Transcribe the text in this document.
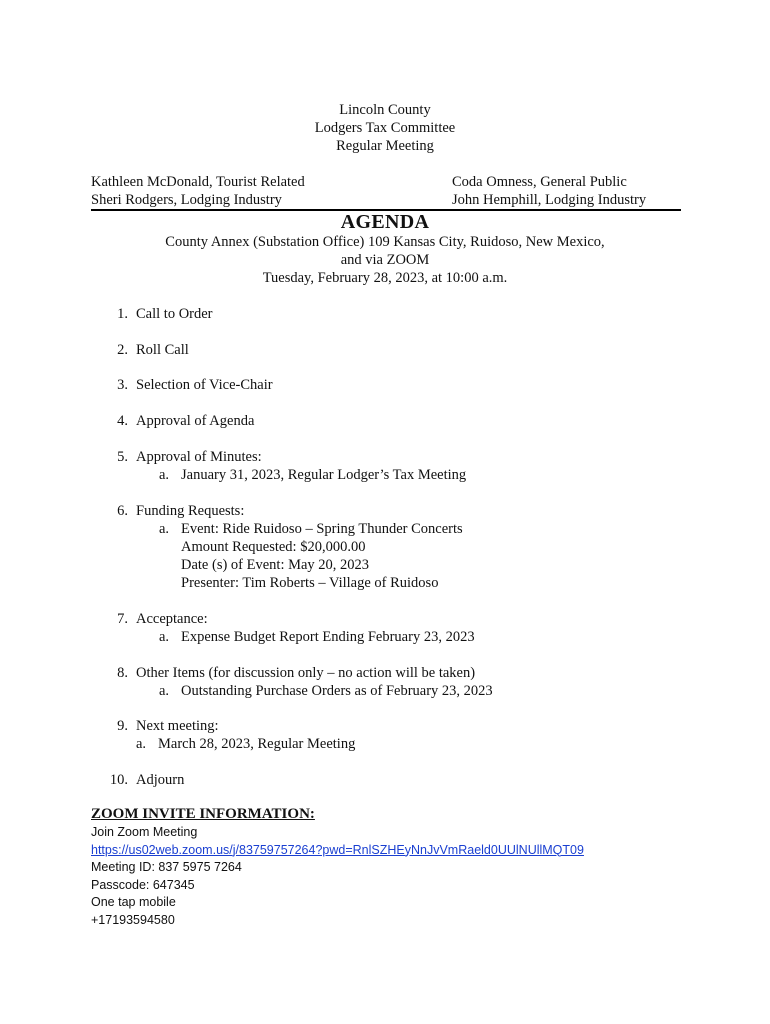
Lincoln County
Lodgers Tax Committee
Regular Meeting
Kathleen McDonald, Tourist Related
Sheri Rodgers, Lodging Industry
Coda Omness, General Public
John Hemphill, Lodging Industry
AGENDA
County Annex (Substation Office) 109 Kansas City, Ruidoso, New Mexico,
and via ZOOM
Tuesday, February 28, 2023, at 10:00 a.m.
1. Call to Order
2. Roll Call
3. Selection of Vice-Chair
4. Approval of Agenda
5. Approval of Minutes:
a. January 31, 2023, Regular Lodger’s Tax Meeting
6. Funding Requests:
a. Event: Ride Ruidoso – Spring Thunder Concerts
Amount Requested: $20,000.00
Date (s) of Event: May 20, 2023
Presenter: Tim Roberts – Village of Ruidoso
7. Acceptance:
a. Expense Budget Report Ending February 23, 2023
8. Other Items (for discussion only – no action will be taken)
a. Outstanding Purchase Orders as of February 23, 2023
9. Next meeting:
a. March 28, 2023, Regular Meeting
10. Adjourn
ZOOM INVITE INFORMATION:
Join Zoom Meeting
https://us02web.zoom.us/j/83759757264?pwd=RnlSZHEyNnJvVmRaeld0UUlNUllMQT09
Meeting ID: 837 5975 7264
Passcode: 647345
One tap mobile
+17193594580
